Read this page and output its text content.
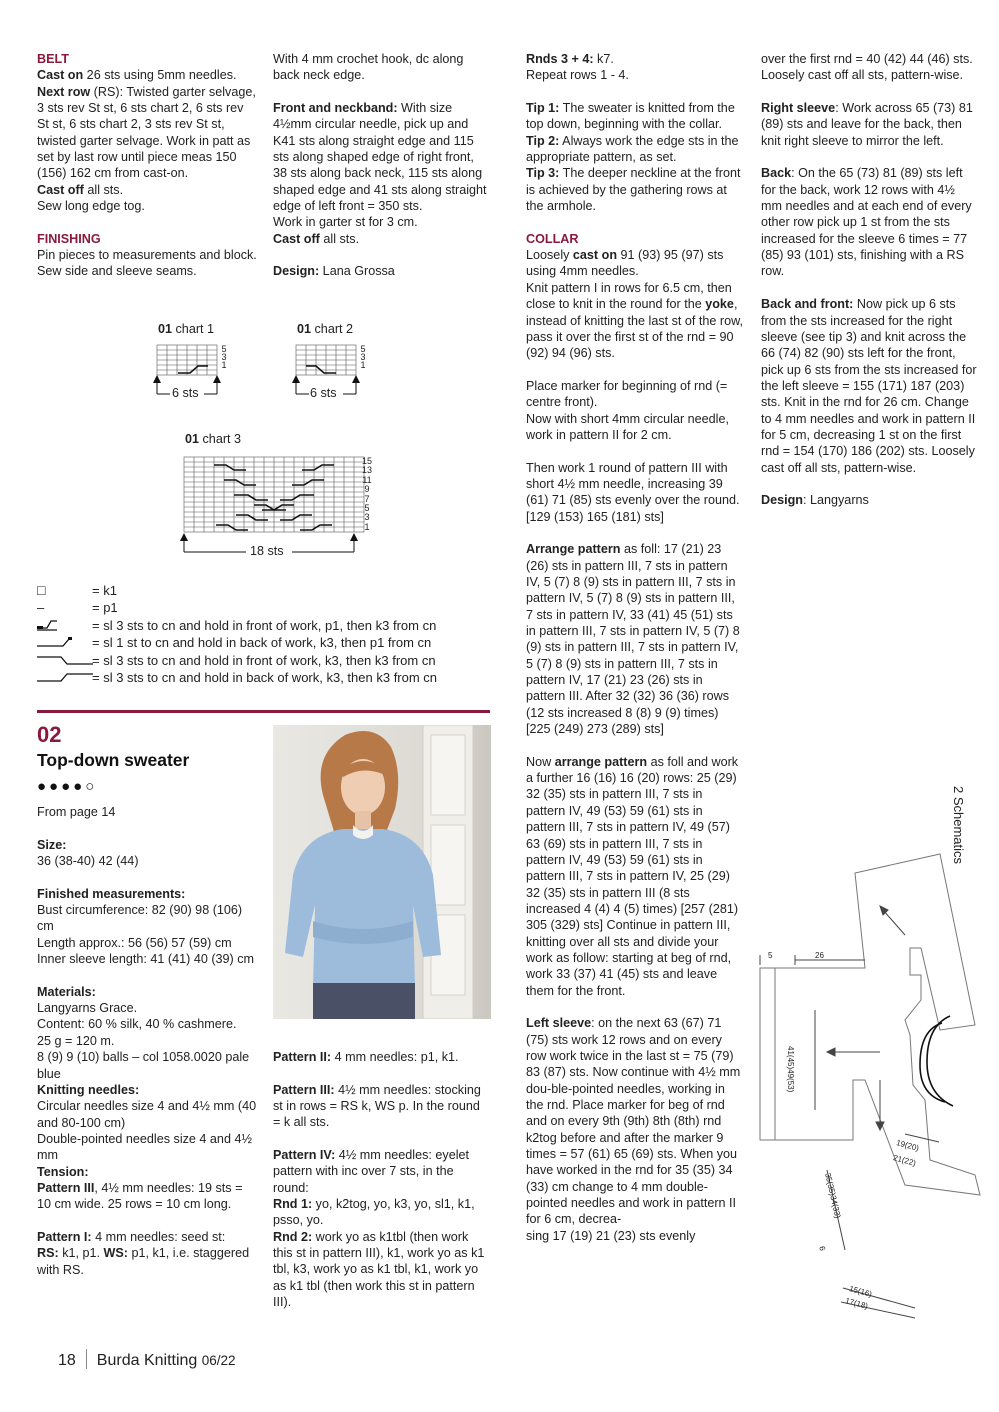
BELT

Cast on 26 sts using 5mm needles.

Next row (RS): Twisted garter selvage, 3 sts rev St st, 6 sts chart 2, 6 sts rev St st, 6 sts chart 2, 3 sts rev St st, twisted garter selvage. Work in patt as set by last row until piece meas 150 (156) 162 cm from cast-on.

Cast off all sts.

Sew long edge tog.

FINISHING

Pin pieces to measurements and block.

Sew side and sleeve seams.

With 4 mm crochet hook, dc along back neck edge.

Front and neckband: With size 4½mm circular needle, pick up and K41 sts along straight edge and 115 sts along shaped edge of right front, 38 sts along back neck, 115 sts along shaped edge and 41 sts along straight edge of left front = 350 sts.

Work in garter st for 3 cm.

Cast off all sts.

Design: Lana Grossa

01 chart 1	01 chart 2
01 chart 3
5
3
1
6 sts
5
3
1
6 sts
15
13
11
9
7
5
3
1
18 sts
□	= k1
–	= p1
= sl 3 sts to cn and hold in front of work, p1, then k3 from cn
= sl 1 st to cn and hold in back of work, k3, then p1 from cn
= sl 3 sts to cn and hold in front of work, k3, then k3 from cn
= sl 3 sts to cn and hold in back of work, k3, then k3 from cn
02
Top-down sweater
●●●●○

From page 14

Size:

36 (38-40) 42 (44)

Finished measurements:

Bust circumference: 82 (90) 98 (106) cm

Length approx.: 56 (56) 57 (59) cm

Inner sleeve length: 41 (41) 40 (39) cm

Materials:

Langyarns Grace.

Content: 60 % silk, 40 % cashmere.

25 g = 120 m.

8 (9) 9 (10) balls – col 1058.0020 pale blue

Knitting needles:

Circular needles size 4 and 4½ mm (40 and 80-100 cm)

Double-pointed needles size 4 and 4½ mm

Tension:

Pattern III, 4½ mm needles: 19 sts = 10 cm wide. 25 rows = 10 cm long.

Pattern I: 4 mm needles: seed st:
RS: k1, p1. WS: p1, k1, i.e. staggered with RS.

Pattern II: 4 mm needles: p1, k1.

Pattern III: 4½ mm needles: stocking st in rows = RS k, WS p. In the round = k all sts.

Pattern IV: 4½ mm needles: eyelet pattern with inc over 7 sts, in the round:

Rnd 1: yo, k2tog, yo, k3, yo, sl1, k1, psso, yo.

Rnd 2: work yo as k1tbl (then work this st in pattern III), k1, work yo as k1 tbl, k3, work yo as k1 tbl, k1, work yo as k1 tbl (then work this st in pattern III).

Rnds 3 + 4: k7.

Repeat rows 1 - 4.

Tip 1: The sweater is knitted from the top down, beginning with the collar.

Tip 2: Always work the edge sts in the appropriate pattern, as set.

Tip 3: The deeper neckline at the front is achieved by the gathering rows at the armhole.

COLLAR

Loosely cast on 91 (93) 95 (97) sts using 4mm needles.

Knit pattern I in rows for 6.5 cm, then close to knit in the round for the yoke, instead of knitting the last st of the row, pass it over the first st of the rnd = 90 (92) 94 (96) sts.

Place marker for beginning of rnd (= centre front).

Now with short 4mm circular needle, work in pattern II for 2 cm.

Then work 1 round of pattern III with short 4½ mm needle, increasing 39 (61) 71 (85) sts evenly over the round. [129 (153) 165 (181) sts]

Arrange pattern as foll: 17 (21) 23 (26) sts in pattern III, 7 sts in pattern IV, 5 (7) 8 (9) sts in pattern III, 7 sts in pattern IV, 5 (7) 8 (9) sts in pattern III, 7 sts in pattern IV, 33 (41) 45 (51) sts in pattern III, 7 sts in pattern IV, 5 (7) 8 (9) sts in pattern III, 7 sts in pattern IV, 5 (7) 8 (9) sts in pattern III, 7 sts in pattern IV, 17 (21) 23 (26) sts in pattern III. After 32 (32) 36 (36) rows (12 sts increased 8 (8) 9 (9) times) [225 (249) 273 (289) sts]

Now arrange pattern as foll and work a further 16 (16) 16 (20) rows: 25 (29) 32 (35) sts in pattern III, 7 sts in pattern IV, 49 (53) 59 (61) sts in pattern III, 7 sts in pattern IV, 49 (57) 63 (69) sts in pattern III, 7 sts in pattern IV, 49 (53) 59 (61) sts in pattern III, 7 sts in pattern IV, 25 (29) 32 (35) sts in pattern III (8 sts increased 4 (4) 4 (5) times) [257 (281) 305 (329) sts] Continue in pattern III, knitting over all sts and divide your work as follow: starting at beg of rnd, work 33 (37) 41 (45) sts and leave them for the front.

Left sleeve: on the next 63 (67) 71 (75) sts work 12 rows and on every row work twice in the last st = 75 (79) 83 (87) sts. Now continue with 4½ mm dou-ble-pointed needles, working in the rnd. Place marker for beg of rnd and on every 9th (9th) 8th (8th) rnd k2tog before and after the marker 9 times = 57 (61) 65 (69) sts. When you have worked in the rnd for 35 (35) 34 (33) cm change to 4 mm double-pointed needles and work in pattern II for 6 cm, decrea-

sing 17 (19) 21 (23) sts evenly

over the first rnd = 40 (42) 44 (46) sts. Loosely cast off all sts, pattern-wise.

Right sleeve: Work across 65 (73) 81 (89) sts and leave for the back, then knit right sleeve to mirror the left.

Back: On the 65 (73) 81 (89) sts left for the back, work 12 rows with 4½ mm needles and at each end of every other row pick up 1 st from the sts increased for the sleeve 6 times = 77 (85) 93 (101) sts, finishing with a RS row.

Back and front: Now pick up 6 sts from the sts increased for the right sleeve (see tip 3) and knit across the 66 (74) 82 (90) sts left for the front, pick up 6 sts from the sts increased for the left sleeve = 155 (171) 187 (203) sts. Knit in the rnd for 26 cm. Change to 4 mm needles and work in pattern II for 5 cm, decreasing 1 st on the first rnd = 154 (170) 186 (202) sts. Loosely cast off all sts, pattern-wise.

Design: Langyarns

2 Schematics
5	26
41(45)49(53)
19(20)
21(22)
35(35)34(33)
6
15(16)
17(18)
18 Burda Knitting 06/22
